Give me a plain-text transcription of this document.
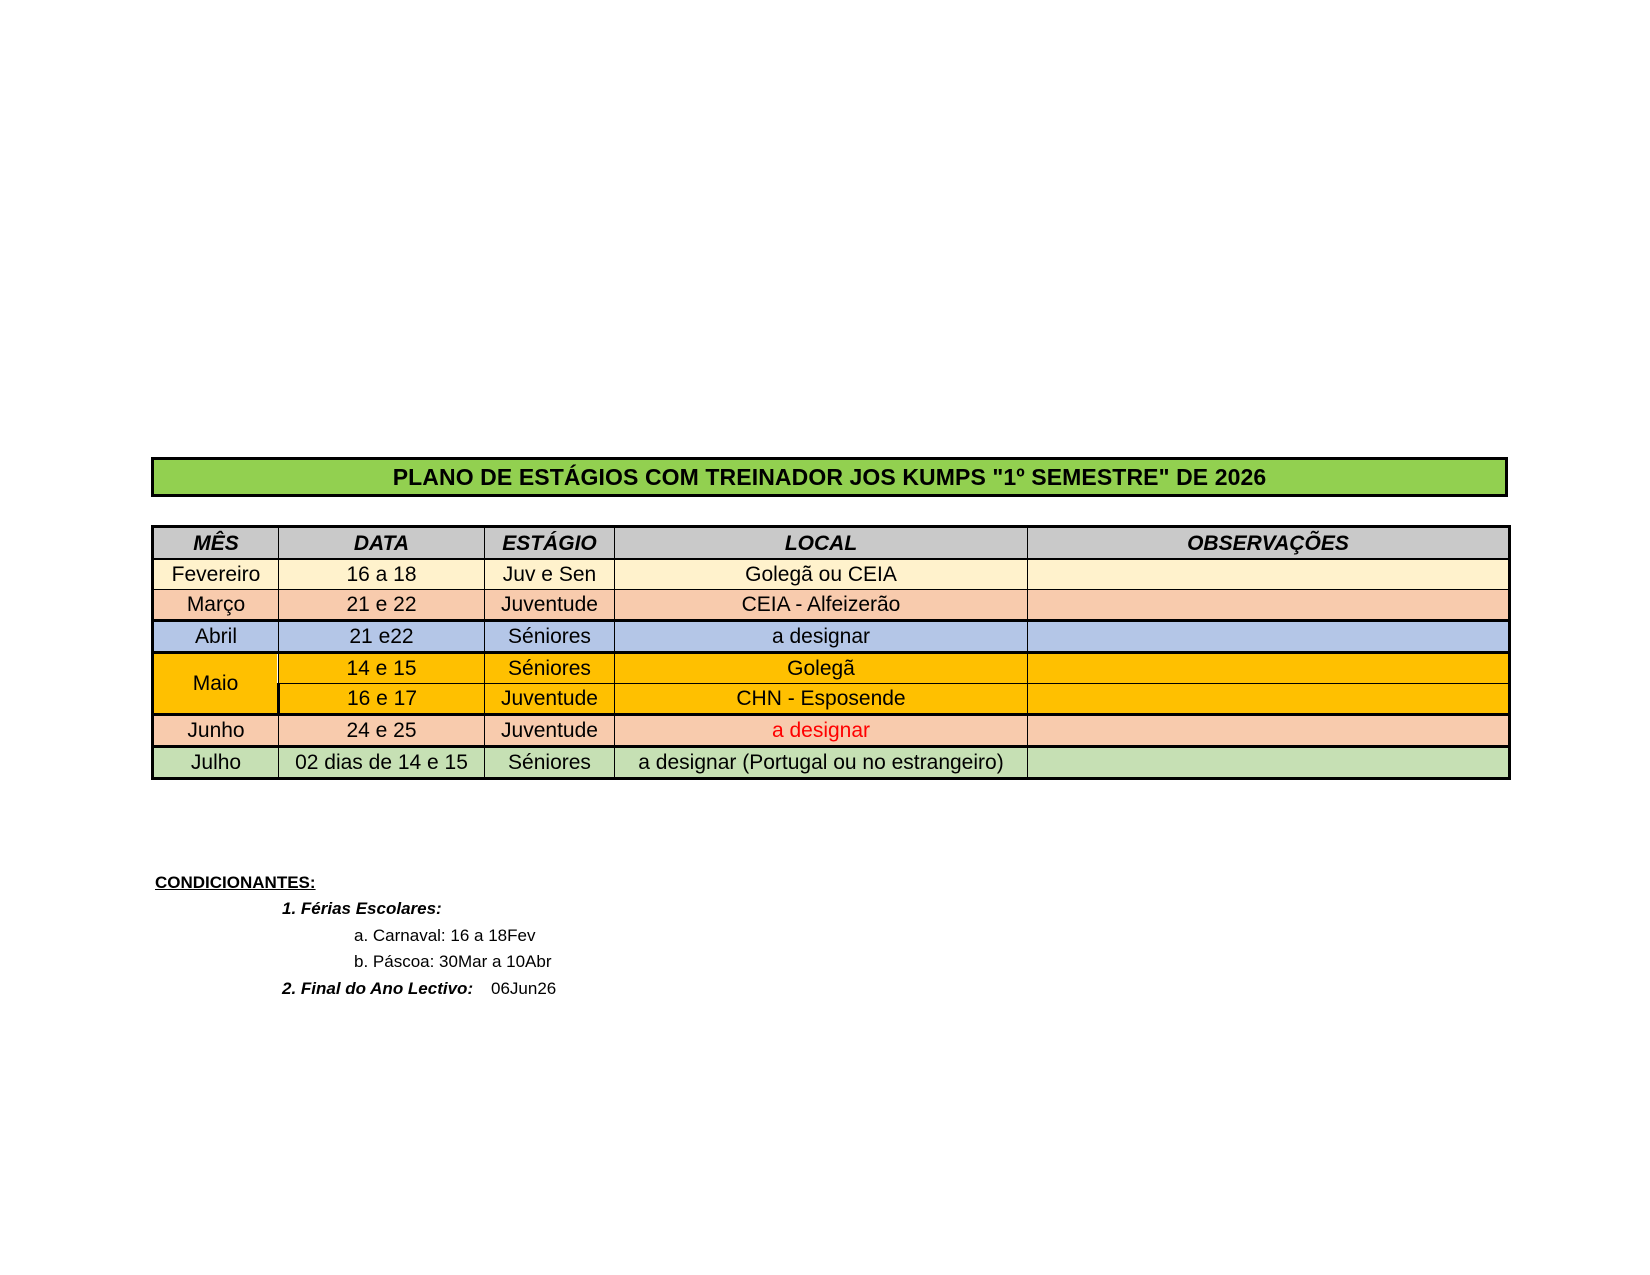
PLANO DE ESTÁGIOS COM TREINADOR JOS KUMPS "1º SEMESTRE" DE 2026
MÊS	DATA	ESTÁGIO	LOCAL	OBSERVAÇÕES
Fevereiro	16 a 18	Juv e Sen	Golegã ou CEIA	
Março	21 e 22	Juventude	CEIA - Alfeizerão	
Abril	21 e22	Séniores	a designar	
Maio	14 e 15	Séniores	Golegã	
	16 e 17	Juventude	CHN - Esposende	
Junho	24 e 25	Juventude	a designar	
Julho	02 dias de 14 e 15	Séniores	a designar (Portugal ou no estrangeiro)	
CONDICIONANTES:
1. Férias Escolares:
a. Carnaval: 16 a 18Fev
b. Páscoa: 30Mar a 10Abr
2. Final do Ano Lectivo: 06Jun26
